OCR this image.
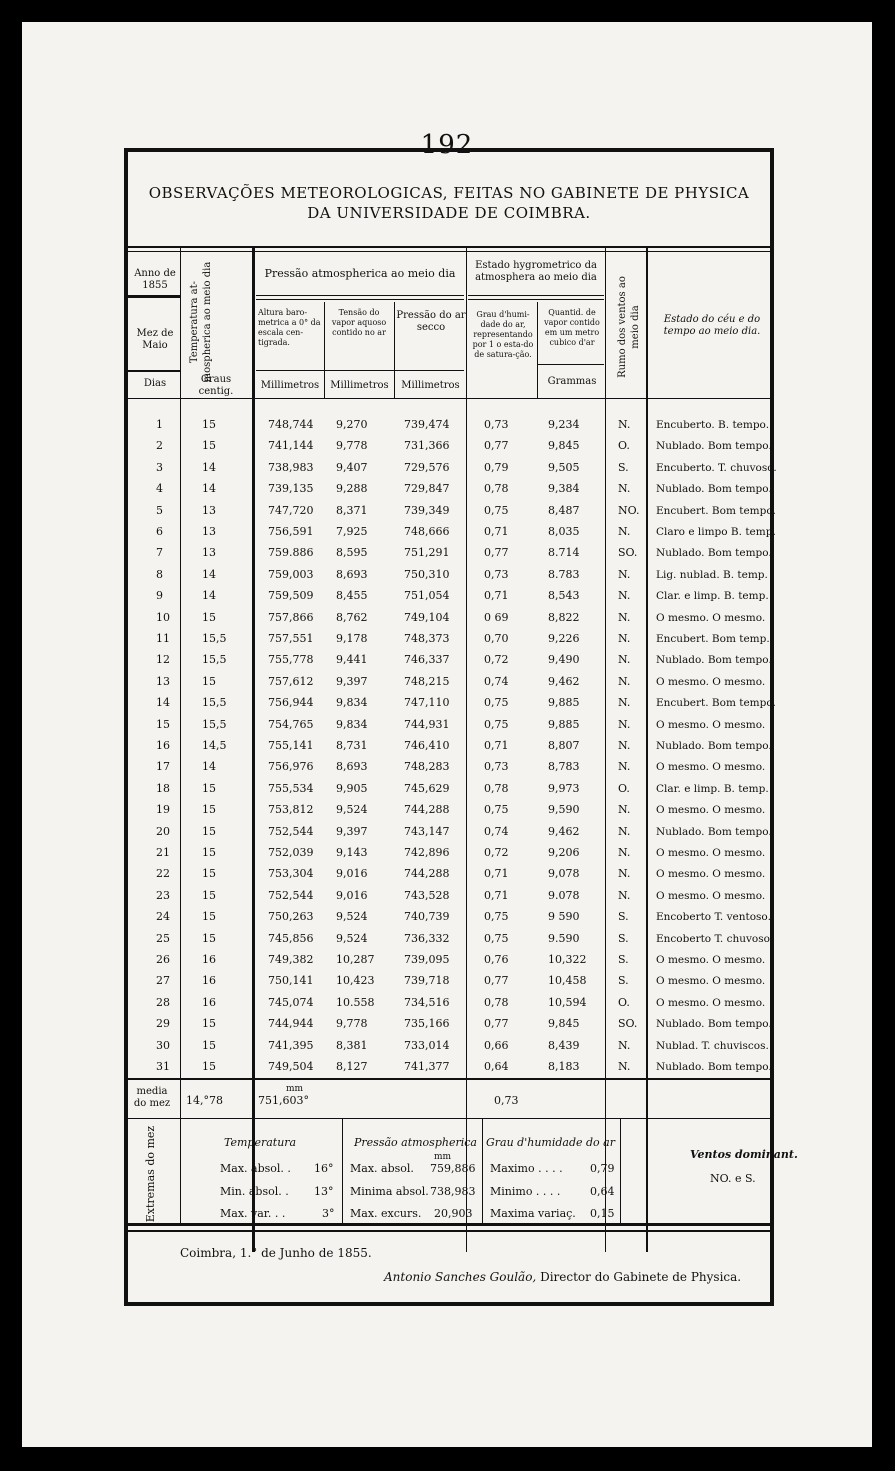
192
OBSERVAÇÕES METEOROLOGICAS, FEITAS NO GABINETE DE PHYSICA
DA UNIVERSIDADE DE COIMBRA.
Anno de 1855
Mez de Maio
Dias
Temperatura at-mospherica ao meio dia
Graus centig.
Pressão atmospherica ao meio dia
Altura baro-metrica a 0° da escala cen-tigrada.
Tensão do vapor aquoso contido no ar
Pressão do ar secco
Millimetros	Millimetros	Millimetros
Estado hygrometrico da atmosphera ao meio dia
Grau d'humi-dade do ar, representando por 1 o esta-do de satura-ção.
Quantid. de vapor contido em um metro cubico d'ar
Grammas
Rumo dos ventos ao meio dia	Estado do céu e do tempo ao meio dia.
1	15	748,744 9,270	739,474	0,73	9,234	N. Encuberto. B. tempo.
2	15	741,144 9,778	731,366	0,77	9,845	O. Nublado. Bom tempo.
3	14	738,983 9,407	729,576	0,79	9,505	S.	Encuberto. T. chuvoso.
4	14	739,135 9,288	729,847	0,78	9,384	N. Nublado. Bom tempo.
5	13	747,720 8,371	739,349	0,75	8,487	NO. Encubert. Bom tempo.
6	13	756,591 7,925	748,666	0,71	8,035	N. Claro e limpo B. temp.
7	13	759.886 8,595	751,291	0,77	8.714	SO. Nublado. Bom tempo.
8	14	759,003 8,693	750,310	0,73	8.783	N. Lig. nublad. B. temp.
9	14	759,509 8,455	751,054	0,71	8,543	N. Clar. e limp. B. temp.
10	15	757,866 8,762	749,104	0 69	8,822	N. O mesmo. O mesmo.
11	15,5	757,551 9,178	748,373	0,70	9,226	N. Encubert. Bom temp.
12	15,5	755,778 9,441	746,337	0,72	9,490	N. Nublado. Bom tempo.
13	15	757,612 9,397	748,215	0,74	9,462	N. O mesmo. O mesmo.
14	15,5	756,944 9,834	747,110	0,75	9,885	N. Encubert. Bom tempo.
15	15,5	754,765 9,834	744,931	0,75	9,885	N. O mesmo. O mesmo.
16	14,5	755,141 8,731	746,410	0,71	8,807	N. Nublado. Bom tempo.
17	14	756,976 8,693	748,283	0,73	8,783	N. O mesmo. O mesmo.
18	15	755,534 9,905	745,629	0,78	9,973	O. Clar. e limp. B. temp.
19	15	753,812 9,524	744,288	0,75	9,590	N. O mesmo. O mesmo.
20	15	752,544 9,397	743,147	0,74	9,462	N. Nublado. Bom tempo.
21	15	752,039 9,143	742,896	0,72	9,206	N. O mesmo. O mesmo.
22	15	753,304 9,016	744,288	0,71	9,078	N. O mesmo. O mesmo.
23	15	752,544 9,016	743,528	0,71	9.078	N. O mesmo. O mesmo.
24	15	750,263 9,524	740,739	0,75	9 590	S.	Encoberto T. ventoso.
25	15	745,856 9,524	736,332	0,75	9.590	S.	Encoberto T. chuvoso.
26	16	749,382 10,287	739,095	0,76	10,322	S.	O mesmo. O mesmo.
27	16	750,141 10,423	739,718	0,77	10,458	S.	O mesmo. O mesmo.
28	16	745,074 10.558	734,516	0,78	10,594	O. O mesmo. O mesmo.
29	15	744,944 9,778	735,166	0,77	9,845	SO. Nublado. Bom tempo.
30	15	741,395 8,381	733,014	0,66	8,439	N. Nublad. T. chuviscos.
31	15	749,504 8,127	741,377	0,64	8,183	N. Nublado. Bom tempo.
media do mez	14,°78
mm
751,603°	0,73
Extremas do mez	Temperatura
Max. absol. . 16°
Min. absol. . 13°
Max. var. . .	3°
Pressão atmospherica
mm
Max. absol. 759,886
Minima absol. 738,983
Max. excurs. 20,903
Grau d'humidade do ar
Maximo . . . . 0,79
Minimo . . . .	0,64
Maxima variaç. 0,15
Ventos dominant.
NO. e S.
Coimbra, 1.° de Junho de 1855.
Antonio Sanches Goulão, Director do Gabinete de Physica.
